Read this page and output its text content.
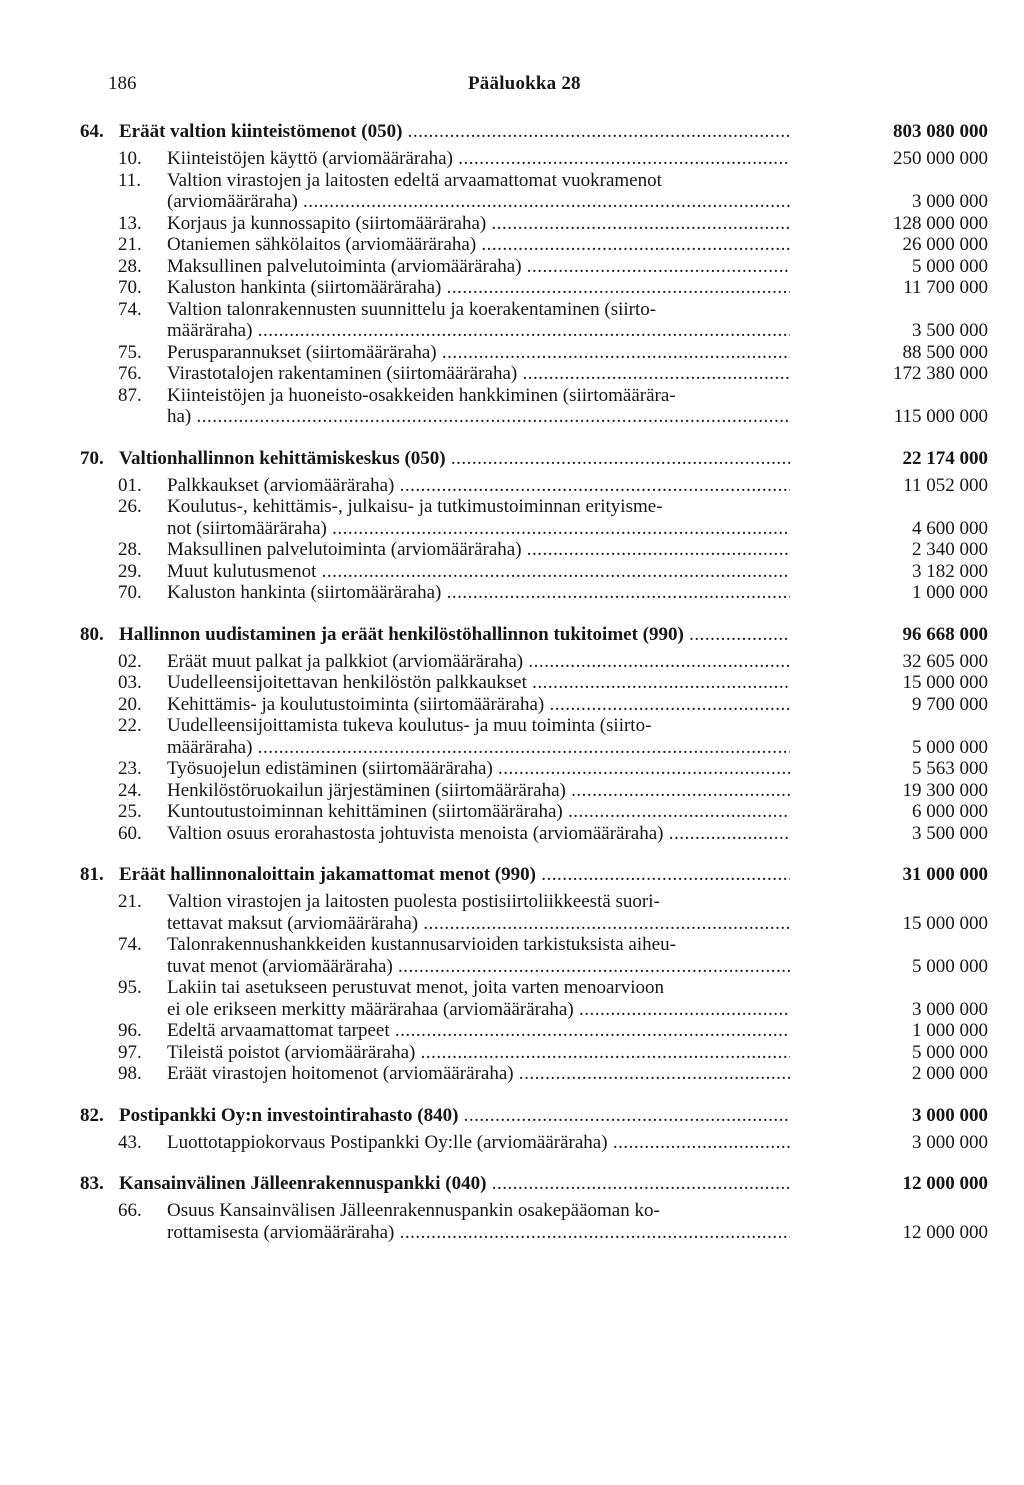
186	Pääluokka 28
64. Eräät valtion kiinteistömenot (050) .....	803 080 000
10.	Kiinteistöjen käyttö (arviomääräraha) .....	250 000 000
11.	Valtion virastojen ja laitosten edeltä arvaamattomat vuokramenot
(arviomääräraha) .....	3 000 000
13.	Korjaus ja kunnossapito (siirtomääräraha) .....	128 000 000
21.	Otaniemen sähkölaitos (arviomääräraha) .....	26 000 000
28.	Maksullinen palvelutoiminta (arviomääräraha) .....	5 000 000
70.	Kaluston hankinta (siirtomääräraha) .....	11 700 000
74.	Valtion talonrakennusten suunnittelu ja koerakentaminen (siirto-
määräraha) .....	3 500 000
75.	Perusparannukset (siirtomääräraha) .....	88 500 000
76.	Virastotalojen rakentaminen (siirtomääräraha) .....	172 380 000
87.	Kiinteistöjen ja huoneisto-osakkeiden hankkiminen (siirtomäärära-
ha) .....	115 000 000
70. Valtionhallinnon kehittämiskeskus (050) .....	22 174 000
01.	Palkkaukset (arviomääräraha) .....	11 052 000
26.	Koulutus-, kehittämis-, julkaisu- ja tutkimustoiminnan erityisme-
not (siirtomääräraha) .....	4 600 000
28.	Maksullinen palvelutoiminta (arviomääräraha) .....	2 340 000
29.	Muut kulutusmenot .....	3 182 000
70.	Kaluston hankinta (siirtomääräraha) .....	1 000 000
80. Hallinnon uudistaminen ja eräät henkilöstöhallinnon tukitoimet (990) .....	96 668 000
02.	Eräät muut palkat ja palkkiot (arviomääräraha) .....	32 605 000
03.	Uudelleensijoitettavan henkilöstön palkkaukset .....	15 000 000
20.	Kehittämis- ja koulutustoiminta (siirtomääräraha) .....	9 700 000
22.	Uudelleensijoittamista tukeva koulutus- ja muu toiminta (siirto-
määräraha) .....	5 000 000
23.	Työsuojelun edistäminen (siirtomääräraha) .....	5 563 000
24.	Henkilöstöruokailun järjestäminen (siirtomääräraha) .....	19 300 000
25.	Kuntoutustoiminnan kehittäminen (siirtomääräraha) .....	6 000 000
60.	Valtion osuus erorahastosta johtuvista menoista (arviomääräraha) .....	3 500 000
81. Eräät hallinnonaloittain jakamattomat menot (990) .....	31 000 000
21.	Valtion virastojen ja laitosten puolesta postisiirtoliikkeestä suori-
tettavat maksut (arviomääräraha) .....	15 000 000
74.	Talonrakennushankkeiden kustannusarvioiden tarkistuksista aiheu-
tuvat menot (arviomääräraha) .....	5 000 000
95.	Lakiin tai asetukseen perustuvat menot, joita varten menoarvioon
ei ole erikseen merkitty määrärahaa (arviomääräraha) .....	3 000 000
96.	Edeltä arvaamattomat tarpeet .....	1 000 000
97.	Tileistä poistot (arviomääräraha) .....	5 000 000
98.	Eräät virastojen hoitomenot (arviomääräraha) .....	2 000 000
82. Postipankki Oy:n investointirahasto (840) .....	3 000 000
43.	Luottotappiokorvaus Postipankki Oy:lle (arviomääräraha) .....	3 000 000
83. Kansainvälinen Jälleenrakennuspankki (040) .....	12 000 000
66.	Osuus Kansainvälisen Jälleenrakennuspankin osakepääoman ko-
rottamisesta (arviomääräraha) .....	12 000 000
